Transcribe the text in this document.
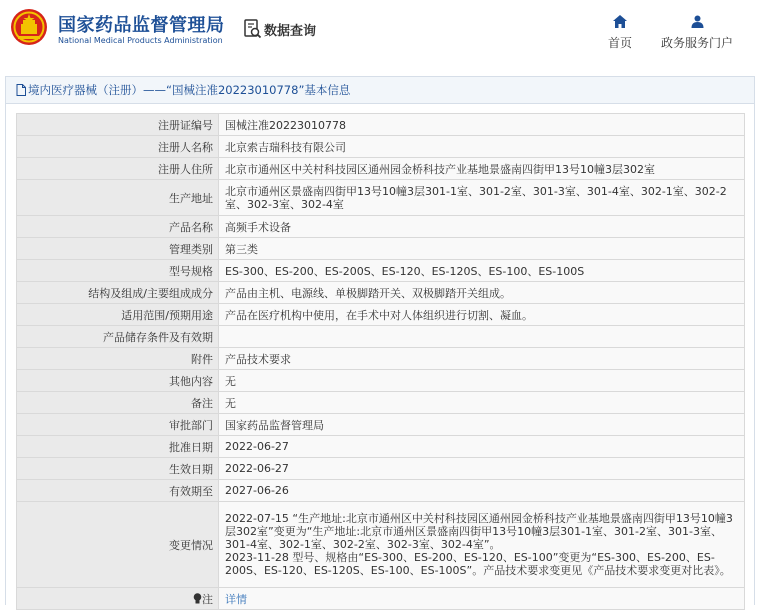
国家药品监督管理局
National Medical Products Administration
数据查询
首页	政务服务门户
境内医疗器械（注册）——“国械注准20223010778”基本信息
注册证编号	国械注准20223010778
注册人名称	北京索吉瑞科技有限公司
注册人住所	北京市通州区中关村科技园区通州园金桥科技产业基地景盛南四街甲13号10幢3层302室
生产地址	北京市通州区景盛南四街甲13号10幢3层301-1室、301-2室、301-3室、301-4室、302-1室、302-2室、302-3室、302-4室
产品名称	高频手术设备
管理类别	第三类
型号规格	ES-300、ES-200、ES-200S、ES-120、ES-120S、ES-100、ES-100S
结构及组成/主要组成成分	产品由主机、电源线、单极脚踏开关、双极脚踏开关组成。
适用范围/预期用途	产品在医疗机构中使用，在手术中对人体组织进行切割、凝血。
产品储存条件及有效期	
附件	产品技术要求
其他内容	无
备注	无
审批部门	国家药品监督管理局
批准日期	2022-06-27
生效日期	2022-06-27
有效期至	2027-06-26
变更情况	2022-07-15 “生产地址:北京市通州区中关村科技园区通州园金桥科技产业基地景盛南四街甲13号10幢3层302室”变更为“生产地址:北京市通州区景盛南四街甲13号10幢3层301-1室、301-2室、301-3室、301-4室、302-1室、302-2室、302-3室、302-4室”。
2023-11-28 型号、规格由“ES-300、ES-200、ES-120、ES-100”变更为“ES-300、ES-200、ES-200S、ES-120、ES-120S、ES-100、ES-100S”。产品技术要求变更见《产品技术要求变更对比表》。
注	详情
